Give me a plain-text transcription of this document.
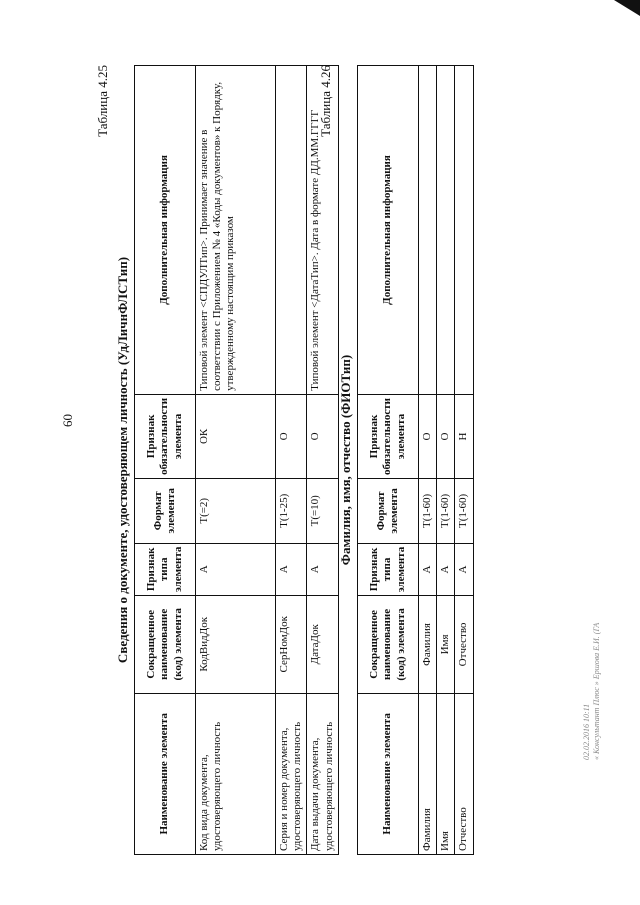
60
Таблица 4.25
Сведения о документе, удостоверяющем личность (УдЛичнФЛСТип)
Наименование элемента	Сокращенное наименование (код) элемента	Признак типа элемента	Формат элемента	Признак обязательности элемента	Дополнительная информация
Код вида документа, удостоверяющего личность	КодВидДок	А	Т(=2)	ОК	Типовой элемент <СПДУЛТип>. Принимает значение в соответствии с Приложением № 4 «Коды документов» к Порядку, утвержденному настоящим приказом
Серия и номер документа, удостоверяющего личность	СерНомДок	А	Т(1-25)	О	
Дата выдачи документа, удостоверяющего личность	ДатаДок	А	Т(=10)	О	Типовой элемент <ДатаТип>. Дата в формате ДД.ММ.ГГГГ
Таблица 4.26
Фамилия, имя, отчество (ФИОТип)
Наименование элемента	Сокращенное наименование (код) элемента	Признак типа элемента	Формат элемента	Признак обязательности элемента	Дополнительная информация
Фамилия	Фамилия	А	Т(1-60)	О	
Имя	Имя	А	Т(1-60)	О	
Отчество	Отчество	А	Т(1-60)	Н	
02.02.2016 10:11 « Консультант Плюс » Ершова Е.И. (ГА
